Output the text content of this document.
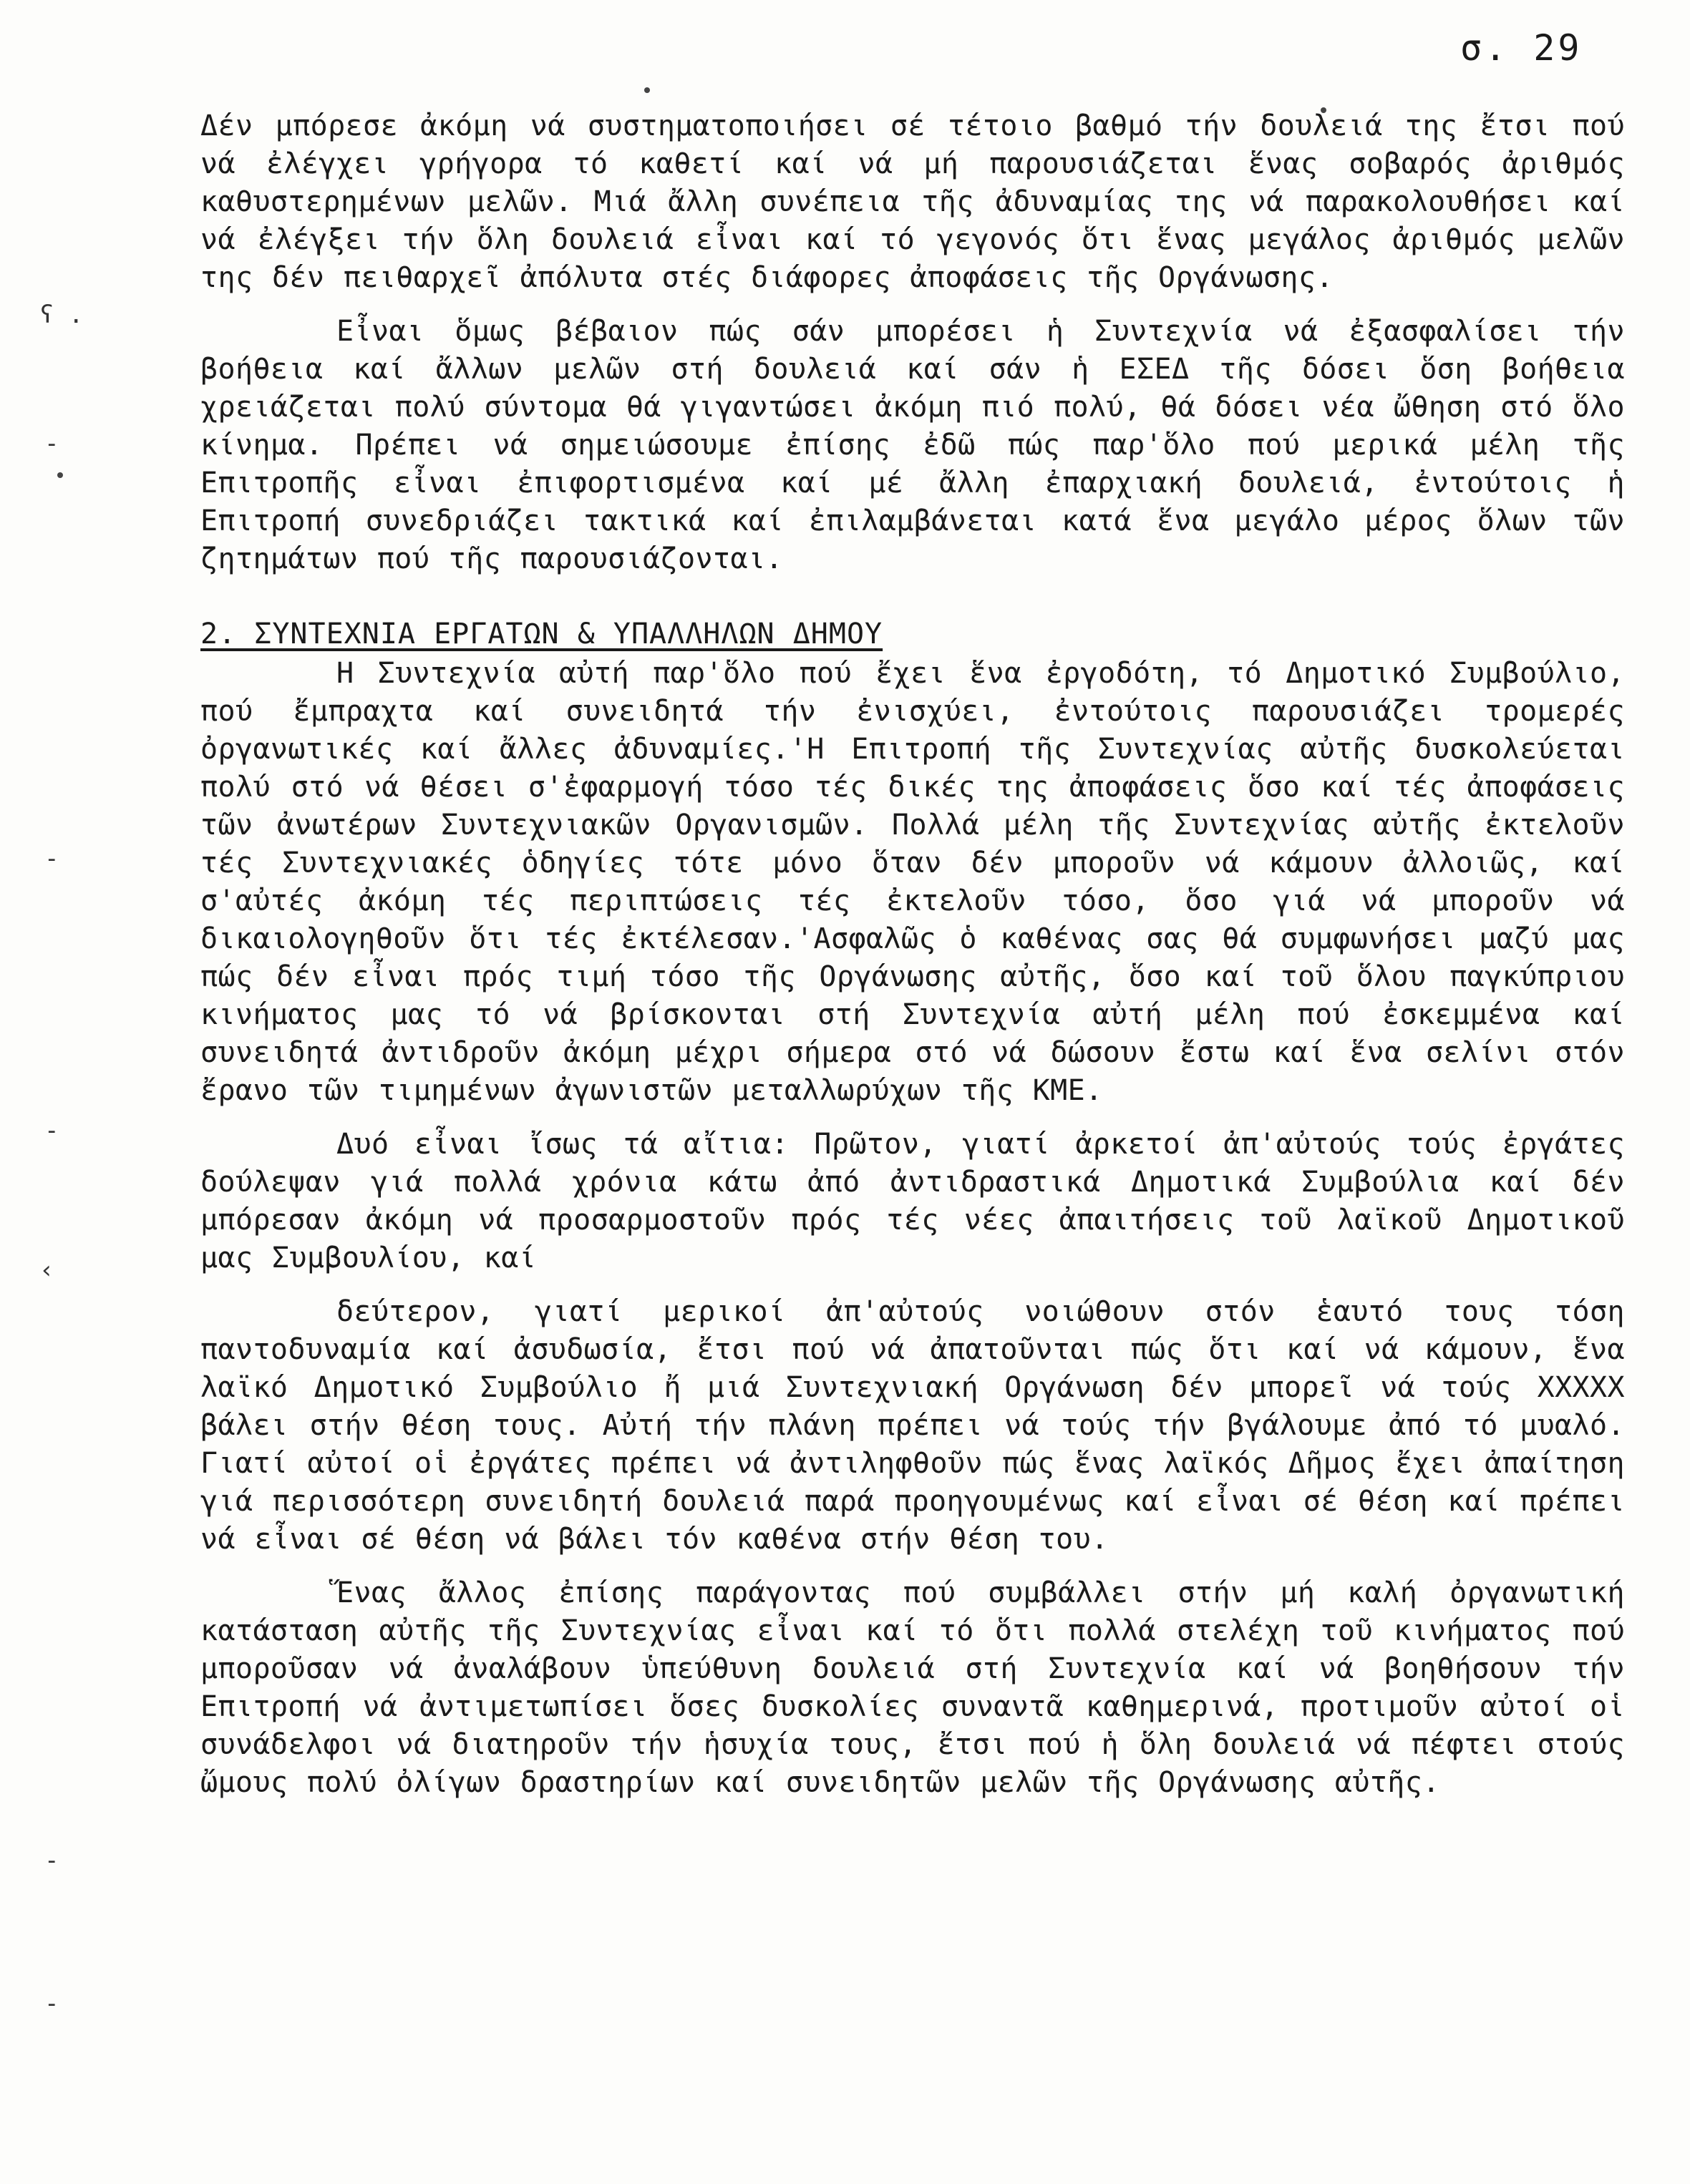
σ. 29
ʕ .
-
-
-
‹
-
-

Δέν μπόρεσε ἀκόμη νά συστηματοποιήσει σέ τέτοιο βαθμό τήν δουλειά της ἔτσι πού νά ἐλέγχει γρήγορα τό καθετί καί νά μή παρουσιάζεται ἕνας σοβαρός ἀριθμός καθυστερημένων μελῶν. Μιά ἄλλη συνέπεια τῆς ἀδυναμίας της νά παρακολουθήσει καί νά ἐλέγξει τήν ὅλη δουλειά εἶναι καί τό γεγονός ὅτι ἕνας μεγάλος ἀριθμός μελῶν της δέν πειθαρχεῖ ἀπόλυτα στές διάφορες ἀποφάσεις τῆς Οργάνωσης.

Εἶναι ὅμως βέβαιον πώς σάν μπορέσει ἡ Συντεχνία νά ἐξασφαλίσει τήν βοήθεια καί ἄλλων μελῶν στή δουλειά καί σάν ἡ ΕΣΕΔ τῆς δόσει ὅση βοήθεια χρειάζεται πολύ σύντομα θά γιγαντώσει ἀκόμη πιό πολύ, θά δόσει νέα ὤθηση στό ὅλο κίνημα. Πρέπει νά σημειώσουμε ἐπίσης ἐδῶ πώς παρ'ὅλο πού μερικά μέλη τῆς Επιτροπῆς εἶναι ἐπιφορτισμένα καί μέ ἄλλη ἐπαρχιακή δουλειά, ἐντούτοις ἡ Επιτροπή συνεδριάζει τακτικά καί ἐπιλαμβάνεται κατά ἕνα μεγάλο μέρος ὅλων τῶν ζητημάτων πού τῆς παρουσιάζονται.

2. ΣΥΝΤΕΧΝΙΑ ΕΡΓΑΤΩΝ & ΥΠΑΛΛΗΛΩΝ ΔΗΜΟΥ

Η Συντεχνία αὐτή παρ'ὅλο πού ἔχει ἕνα ἐργοδότη, τό Δημοτικό Συμβούλιο, πού ἔμπραχτα καί συνειδητά τήν ἐνισχύει, ἐντούτοις παρουσιάζει τρομερές ὀργανωτικές καί ἄλλες ἀδυναμίες.'Η Επιτροπή τῆς Συντεχνίας αὐτῆς δυσκολεύεται πολύ στό νά θέσει σ'ἐφαρμογή τόσο τές δικές της ἀποφάσεις ὅσο καί τές ἀποφάσεις τῶν ἀνωτέρων Συντεχνιακῶν Οργανισμῶν. Πολλά μέλη τῆς Συντεχνίας αὐτῆς ἐκτελοῦν τές Συντεχνιακές ὁδηγίες τότε μόνο ὅταν δέν μποροῦν νά κάμουν ἀλλοιῶς, καί σ'αὐτές ἀκόμη τές περιπτώσεις τές ἐκτελοῦν τόσο, ὅσο γιά νά μποροῦν νά δικαιολογηθοῦν ὅτι τές ἐκτέλεσαν.'Ασφαλῶς ὁ καθένας σας θά συμφωνήσει μαζύ μας πώς δέν εἶναι πρός τιμή τόσο τῆς Οργάνωσης αὐτῆς, ὅσο καί τοῦ ὅλου παγκύπριου κινήματος μας τό νά βρίσκονται στή Συντεχνία αὐτή μέλη πού ἐσκεμμένα καί συνειδητά ἀντιδροῦν ἀκόμη μέχρι σήμερα στό νά δώσουν ἔστω καί ἕνα σελίνι στόν ἔρανο τῶν τιμημένων ἀγωνιστῶν μεταλλωρύχων τῆς ΚΜΕ.

Δυό εἶναι ἴσως τά αἴτια: Πρῶτον, γιατί ἀρκετοί ἀπ'αὐτούς τούς ἐργάτες δούλεψαν γιά πολλά χρόνια κάτω ἀπό ἀντιδραστικά Δημοτικά Συμβούλια καί δέν μπόρεσαν ἀκόμη νά προσαρμοστοῦν πρός τές νέες ἀπαιτήσεις τοῦ λαϊκοῦ Δημοτικοῦ μας Συμβουλίου, καί

δεύτερον, γιατί μερικοί ἀπ'αὐτούς νοιώθουν στόν ἑαυτό τους τόση παντοδυναμία καί ἀσυδωσία, ἔτσι πού νά ἀπατοῦνται πώς ὅτι καί νά κάμουν, ἕνα λαϊκό Δημοτικό Συμβούλιο ἤ μιά Συντεχνιακή Οργάνωση δέν μπορεῖ νά τούς ΧΧΧΧΧ βάλει στήν θέση τους. Αὐτή τήν πλάνη πρέπει νά τούς τήν βγάλουμε ἀπό τό μυαλό. Γιατί αὐτοί οἱ ἐργάτες πρέπει νά ἀντιληφθοῦν πώς ἕνας λαϊκός Δῆμος ἔχει ἀπαίτηση γιά περισσότερη συνειδητή δουλειά παρά προηγουμένως καί εἶναι σέ θέση καί πρέπει νά εἶναι σέ θέση νά βάλει τόν καθένα στήν θέση του.

Ἕνας ἄλλος ἐπίσης παράγοντας πού συμβάλλει στήν μή καλή ὀργανωτική κατάσταση αὐτῆς τῆς Συντεχνίας εἶναι καί τό ὅτι πολλά στελέχη τοῦ κινήματος πού μποροῦσαν νά ἀναλάβουν ὑπεύθυνη δουλειά στή Συντεχνία καί νά βοηθήσουν τήν Επιτροπή νά ἀντιμετωπίσει ὅσες δυσκολίες συναντᾶ καθημερινά, προτιμοῦν αὐτοί οἱ συνάδελφοι νά διατηροῦν τήν ἡσυχία τους, ἔτσι πού ἡ ὅλη δουλειά νά πέφτει στούς ὤμους πολύ ὀλίγων δραστηρίων καί συνειδητῶν μελῶν τῆς Οργάνωσης αὐτῆς.
